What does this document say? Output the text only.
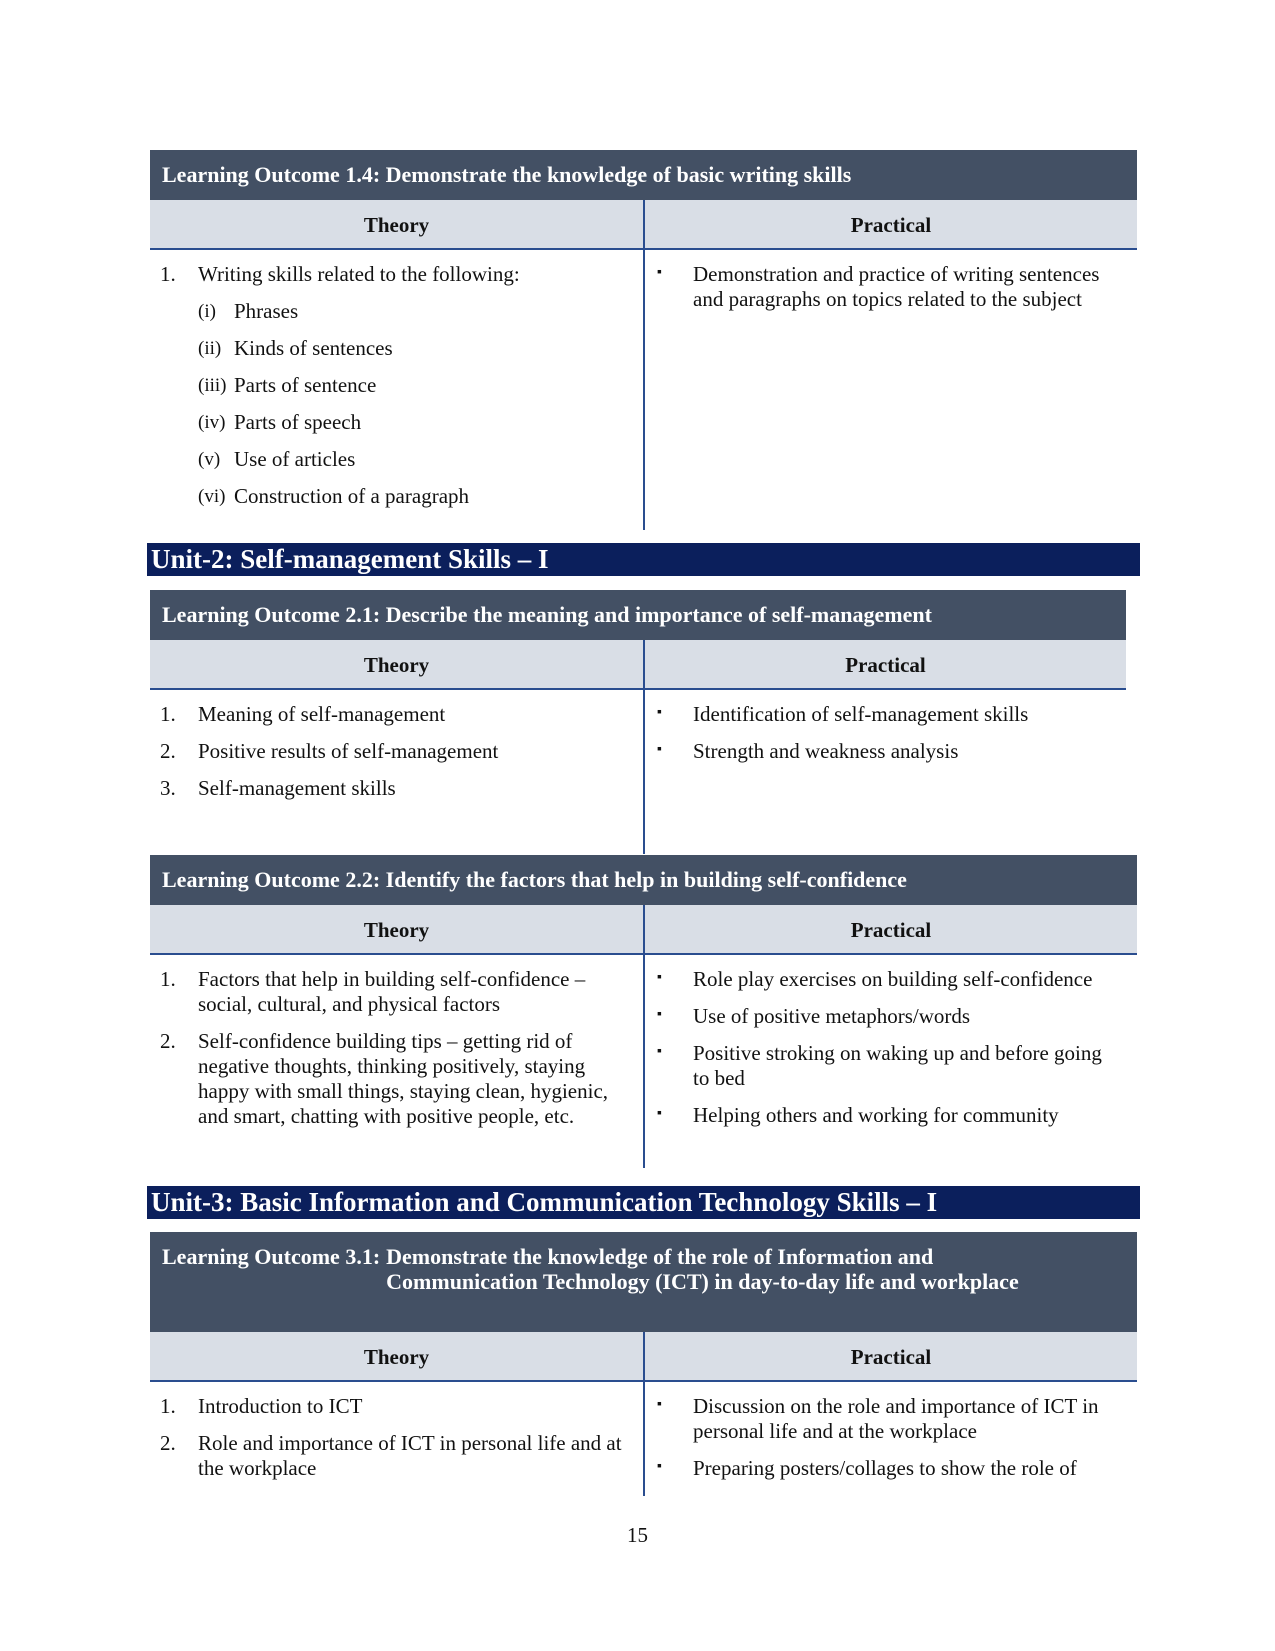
Learning Outcome 1.4: Demonstrate the knowledge of basic writing skills
Theory	Practical
1.	Writing skills related to the following:
(i) Phrases
(ii) Kinds of sentences
(iii) Parts of sentence
(iv) Parts of speech
(v) Use of articles
(vi) Construction of a paragraph
▪	Demonstration and practice of writing sentences and paragraphs on topics related to the subject
Unit-2: Self-management Skills – I
Learning Outcome 2.1: Describe the meaning and importance of self-management
Theory	Practical
1.	Meaning of self-management
2.	Positive results of self-management
3.	Self-management skills
▪	Identification of self-management skills
▪	Strength and weakness analysis
Learning Outcome 2.2: Identify the factors that help in building self-confidence
Theory	Practical
1.	Factors that help in building self-confidence – social, cultural, and physical factors
2.	Self-confidence building tips – getting rid of negative thoughts, thinking positively, staying happy with small things, staying clean, hygienic, and smart, chatting with positive people, etc.
▪	Role play exercises on building self-confidence
▪	Use of positive metaphors/words
▪	Positive stroking on waking up and before going to bed
▪	Helping others and working for community
Unit-3: Basic Information and Communication Technology Skills – I
Learning Outcome 3.1: Demonstrate the knowledge of the role of Information and Communication Technology (ICT) in day-to-day life and workplace
Theory	Practical
1.	Introduction to ICT
2.	Role and importance of ICT in personal life and at the workplace
▪	Discussion on the role and importance of ICT in personal life and at the workplace
▪	Preparing posters/collages to show the role of
15
